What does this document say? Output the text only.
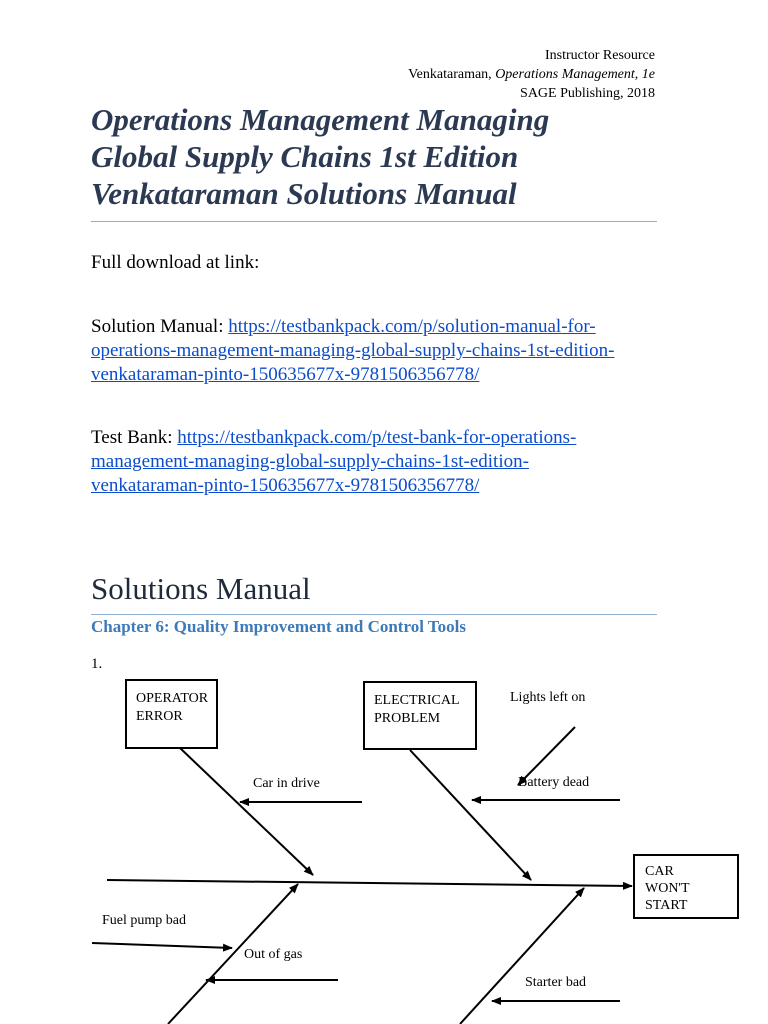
Instructor Resource
Venkataraman, Operations Management, 1e
SAGE Publishing, 2018
Operations Management Managing
Global Supply Chains 1st Edition
Venkataraman Solutions Manual
Full download at link:
Solution Manual: https://testbankpack.com/p/solution-manual-for-
operations-management-managing-global-supply-chains-1st-edition-
venkataraman-pinto-150635677x-9781506356778/
Test Bank: https://testbankpack.com/p/test-bank-for-operations-
management-managing-global-supply-chains-1st-edition-
venkataraman-pinto-150635677x-9781506356778/
Solutions Manual
Chapter 6: Quality Improvement and Control Tools
1.
OPERATOR
ERROR
ELECTRICAL
PROBLEM
CAR
WON'T
START
Lights left on
Car in drive	Battery dead
Fuel pump bad
Out of gas
Starter bad
